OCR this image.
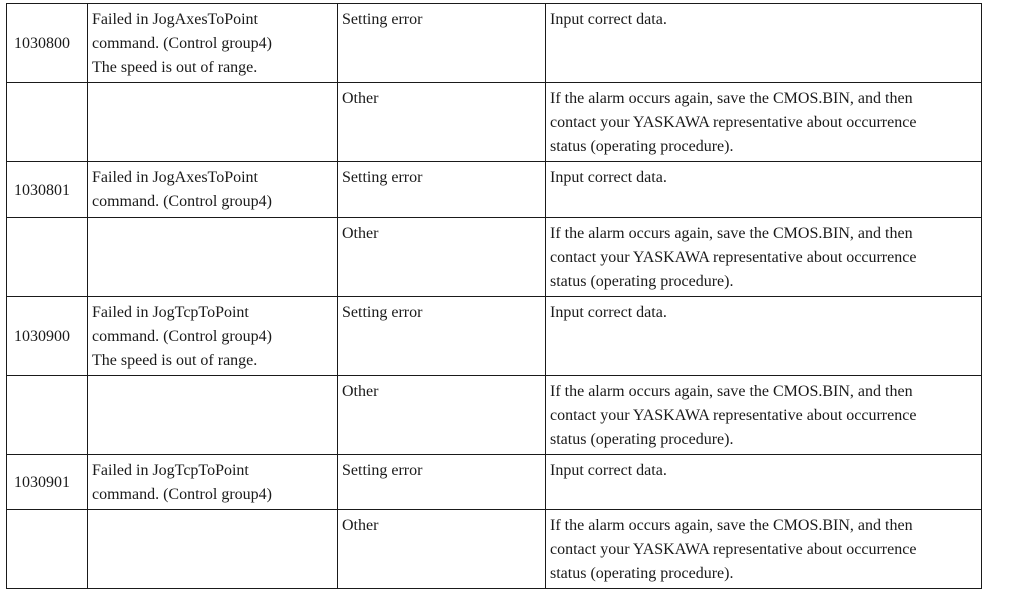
1030800	Failed in JogAxesToPoint
command. (Control group4)
The speed is out of range.	Setting error	Input correct data.

		Other	If the alarm occurs again, save the CMOS.BIN, and then
contact your YASKAWA representative about occurrence
status (operating procedure).

1030801	Failed in JogAxesToPoint
command. (Control group4)	Setting error	Input correct data.

		Other	If the alarm occurs again, save the CMOS.BIN, and then
contact your YASKAWA representative about occurrence
status (operating procedure).

1030900	Failed in JogTcpToPoint
command. (Control group4)
The speed is out of range.	Setting error	Input correct data.

		Other	If the alarm occurs again, save the CMOS.BIN, and then
contact your YASKAWA representative about occurrence
status (operating procedure).

1030901	Failed in JogTcpToPoint
command. (Control group4)	Setting error	Input correct data.

		Other	If the alarm occurs again, save the CMOS.BIN, and then
contact your YASKAWA representative about occurrence
status (operating procedure).
